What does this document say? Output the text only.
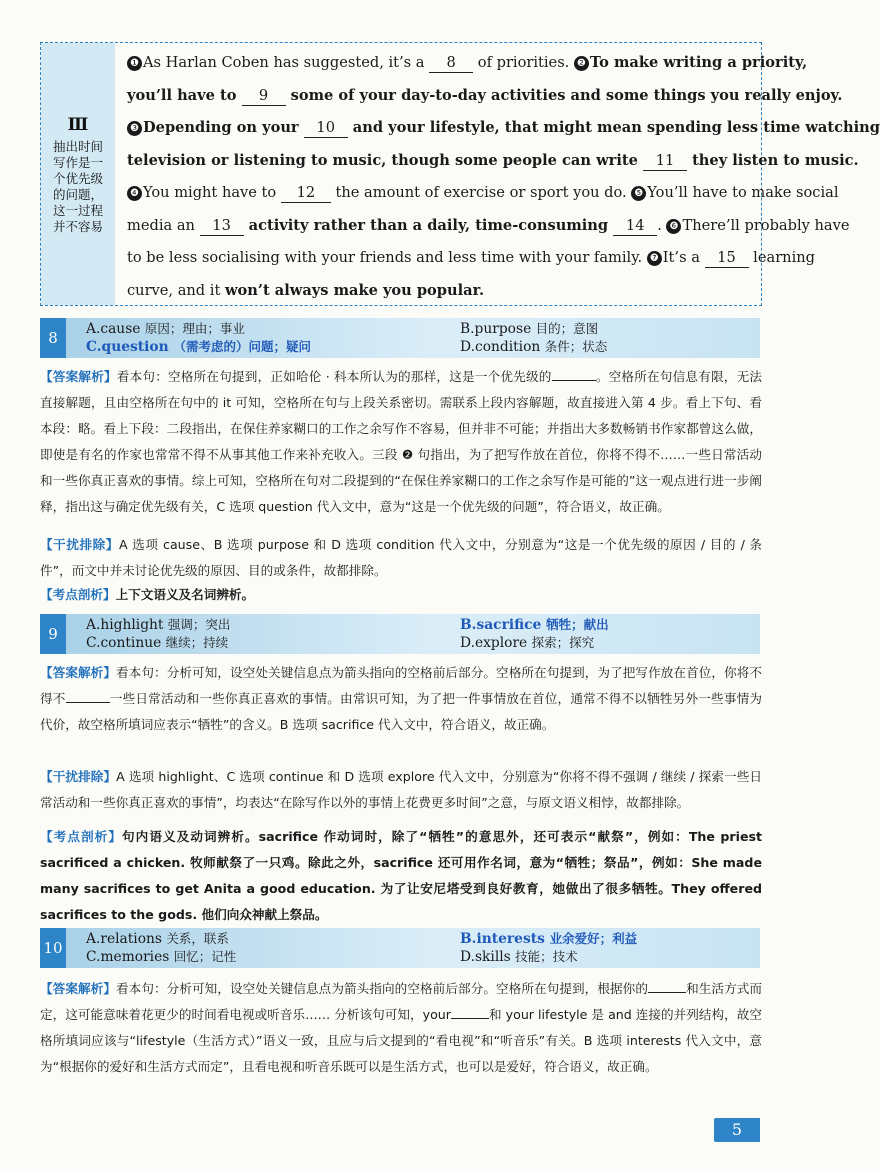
Ⅲ
抽出时间
写作是一
个优先级
的问题，
这一过程
并不容易
❶ As Harlan Coben has suggested, it’s a 8 of priorities. ❷ To make writing a priority,
you’ll have to 9 some of your day-to-day activities and some things you really enjoy.
❸ Depending on your 10 and your lifestyle, that might mean spending less time watching
television or listening to music, though some people can write 11 they listen to music.
❹ You might have to 12 the amount of exercise or sport you do. ❺ You’ll have to make social
media an 13 activity rather than a daily, time-consuming 14 . ❻ There’ll probably have
to be less socialising with your friends and less time with your family. ❼ It’s a 15 learning
curve, and it won’t always make you popular.
8	A.cause 原因；理由；事业	B.purpose 目的；意图
C.question （需考虑的）问题；疑问	D.condition 条件；状态
【答案解析】看本句：空格所在句提到，正如哈伦 · 科本所认为的那样，这是一个优先级的	。空格所在句信息有限，无法直接解题，且由空格所在句中的 it 可知，空格所在句与上段关系密切。需联系上段内容解题，故直接进入第 4 步。看上下句、看本段：略。看上下段：二段指出，在保住养家糊口的工作之余写作不容易，但并非不可能；并指出大多数畅销书作家都曾这么做，即使是有名的作家也常常不得不从事其他工作来补充收入。三段 ❷ 句指出，为了把写作放在首位，你将不得不……一些日常活动和一些你真正喜欢的事情。综上可知，空格所在句对二段提到的“在保住养家糊口的工作之余写作是可能的”这一观点进行进一步阐释，指出这与确定优先级有关，C 选项 question 代入文中，意为“这是一个优先级的问题”，符合语义，故正确。
【干扰排除】A 选项 cause、B 选项 purpose 和 D 选项 condition 代入文中，分别意为“这是一个优先级的原因 / 目的 / 条件”，而文中并未讨论优先级的原因、目的或条件，故都排除。
【考点剖析】上下文语义及名词辨析。
9	A.highlight 强调；突出	B.sacrifice 牺牲；献出
C.continue 继续；持续	D.explore 探索；探究
【答案解析】看本句：分析可知，设空处关键信息点为箭头指向的空格前后部分。空格所在句提到，为了把写作放在首位，你将不得不	一些日常活动和一些你真正喜欢的事情。由常识可知，为了把一件事情放在首位，通常不得不以牺牲另外一些事情为代价，故空格所填词应表示“牺牲”的含义。B 选项 sacrifice 代入文中，符合语义，故正确。
【干扰排除】A 选项 highlight、C 选项 continue 和 D 选项 explore 代入文中，分别意为“你将不得不强调 / 继续 / 探索一些日常活动和一些你真正喜欢的事情”，均表达“在除写作以外的事情上花费更多时间”之意，与原文语义相悖，故都排除。
【考点剖析】句内语义及动词辨析。sacrifice 作动词时，除了“牺牲”的意思外，还可表示“献祭”，例如：The priest sacrificed a chicken. 牧师献祭了一只鸡。除此之外，sacrifice 还可用作名词，意为“牺牲；祭品”，例如：She made many sacrifices to get Anita a good education. 为了让安尼塔受到良好教育，她做出了很多牺牲。They offered sacrifices to the gods. 他们向众神献上祭品。
10 A.relations 关系，联系	B.interests 业余爱好；利益
C.memories 回忆；记性	D.skills 技能；技术
【答案解析】看本句：分析可知，设空处关键信息点为箭头指向的空格前后部分。空格所在句提到，根据你的	和生活方式而定，这可能意味着花更少的时间看电视或听音乐…… 分析该句可知，your	和 your lifestyle 是 and 连接的并列结构，故空格所填词应该与“lifestyle（生活方式）”语义一致，且应与后文提到的“看电视”和“听音乐”有关。B 选项 interests 代入文中，意为“根据你的爱好和生活方式而定”，且看电视和听音乐既可以是生活方式，也可以是爱好，符合语义，故正确。
5
